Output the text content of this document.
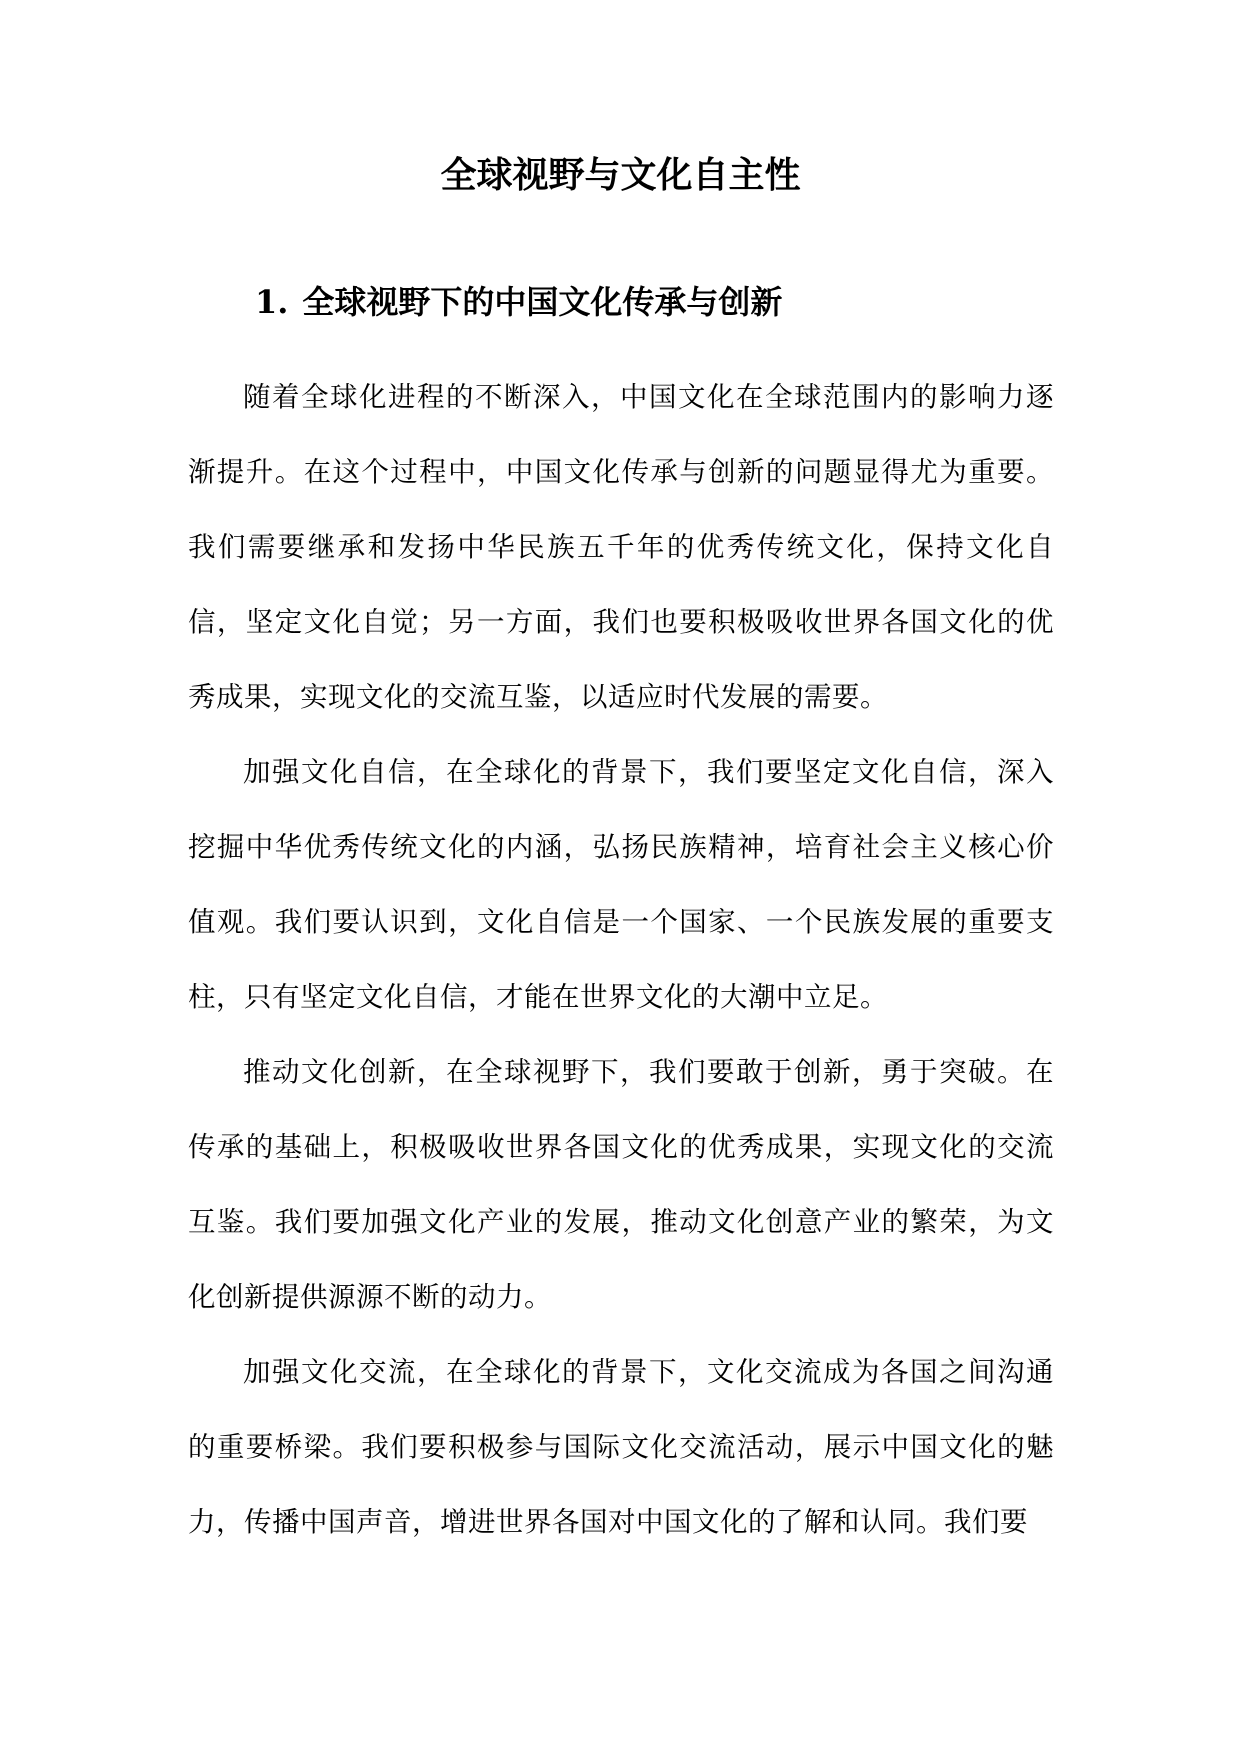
全球视野与文化自主性
1. 全球视野下的中国文化传承与创新

随着全球化进程的不断深入，中国文化在全球范围内的影响力逐渐提升。在这个过程中，中国文化传承与创新的问题显得尤为重要。我们需要继承和发扬中华民族五千年的优秀传统文化，保持文化自信，坚定文化自觉；另一方面，我们也要积极吸收世界各国文化的优秀成果，实现文化的交流互鉴，以适应时代发展的需要。

加强文化自信，在全球化的背景下，我们要坚定文化自信，深入挖掘中华优秀传统文化的内涵，弘扬民族精神，培育社会主义核心价值观。我们要认识到，文化自信是一个国家、一个民族发展的重要支柱，只有坚定文化自信，才能在世界文化的大潮中立足。

推动文化创新，在全球视野下，我们要敢于创新，勇于突破。在传承的基础上，积极吸收世界各国文化的优秀成果，实现文化的交流互鉴。我们要加强文化产业的发展，推动文化创意产业的繁荣，为文化创新提供源源不断的动力。

加强文化交流，在全球化的背景下，文化交流成为各国之间沟通的重要桥梁。我们要积极参与国际文化交流活动，展示中国文化的魅力，传播中国声音，增进世界各国对中国文化的了解和认同。我们要
